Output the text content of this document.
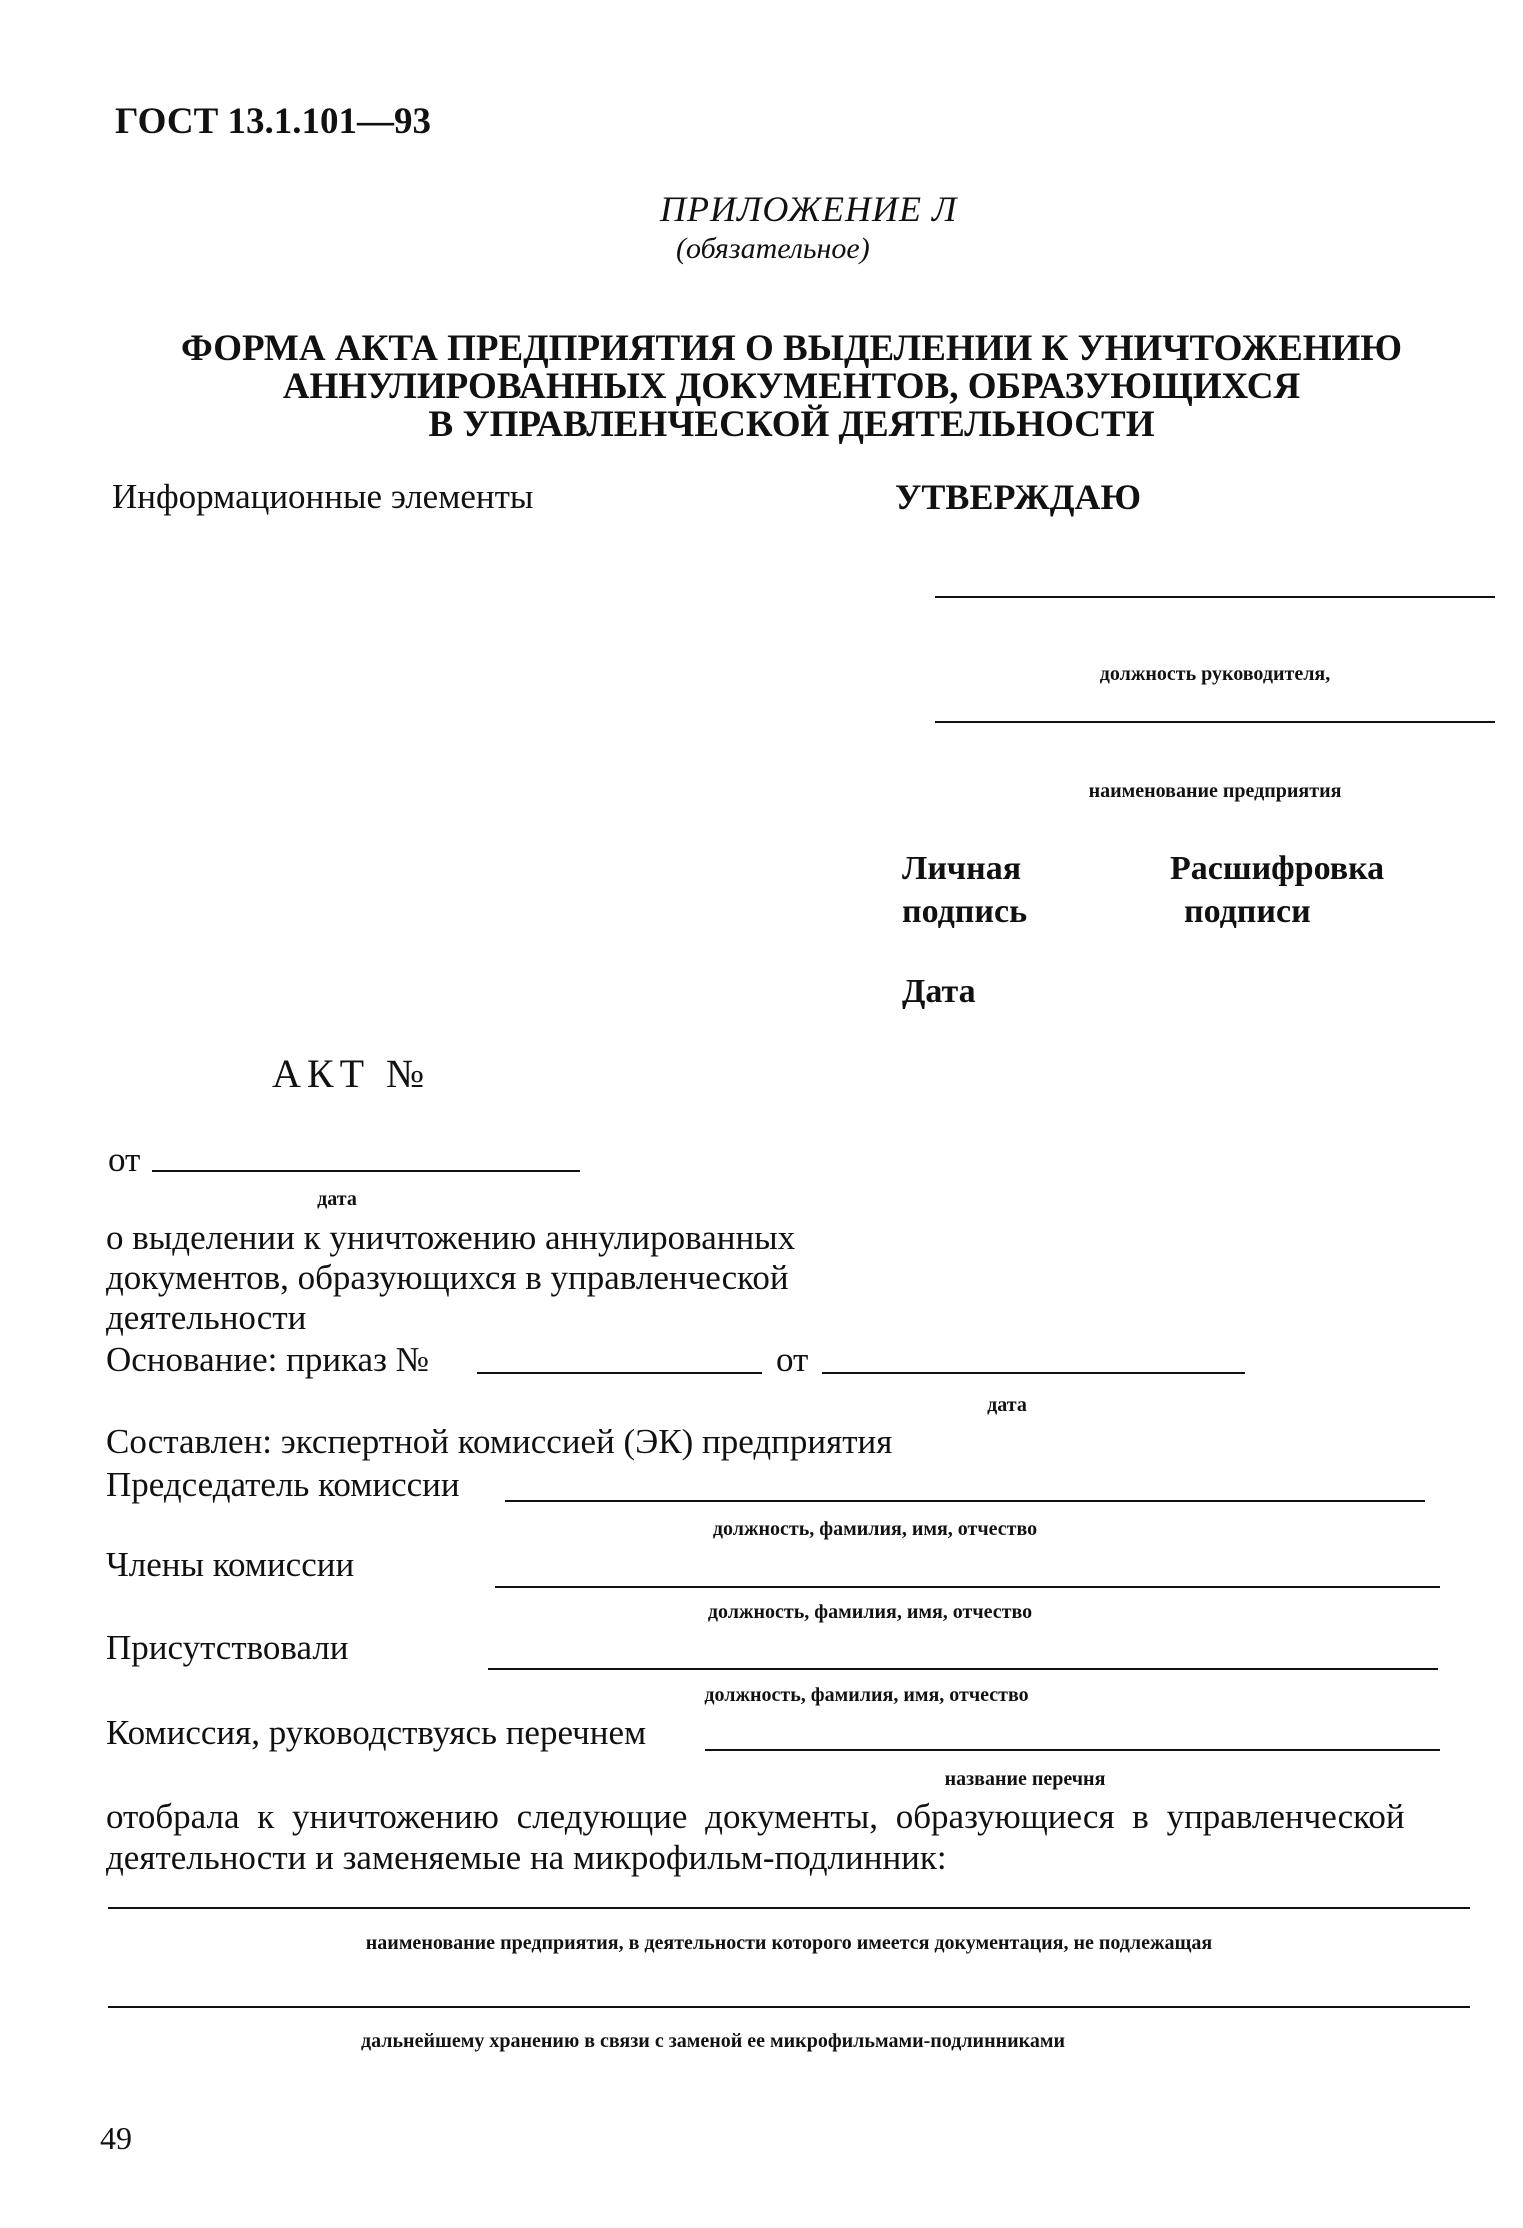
ГОСТ 13.1.101—93
ПРИЛОЖЕНИЕ Л
(обязательное)
ФОРМА АКТА ПРЕДПРИЯТИЯ О ВЫДЕЛЕНИИ К УНИЧТОЖЕНИЮ
АННУЛИРОВАННЫХ ДОКУМЕНТОВ, ОБРАЗУЮЩИХСЯ
В УПРАВЛЕНЧЕСКОЙ ДЕЯТЕЛЬНОСТИ
Информационные элементы	УТВЕРЖДАЮ
должность руководителя,
наименование предприятия
Личная
подпись
Расшифровка
подписи
Дата
АКТ №
от
дата
о выделении к уничтожению аннулированных
документов, образующихся в управленческой
деятельности
Основание: приказ №	от
дата
Составлен: экспертной комиссией (ЭК) предприятия
Председатель комиссии
должность, фамилия, имя, отчество
Члены комиссии
должность, фамилия, имя, отчество
Присутствовали
должность, фамилия, имя, отчество
Комиссия, руководствуясь перечнем
название перечня
отобрала к уничтожению следующие документы, образующиеся в управленческой
деятельности и заменяемые на микрофильм-подлинник:
наименование предприятия, в деятельности которого имеется документация, не подлежащая
дальнейшему хранению в связи с заменой ее микрофильмами-подлинниками
49
